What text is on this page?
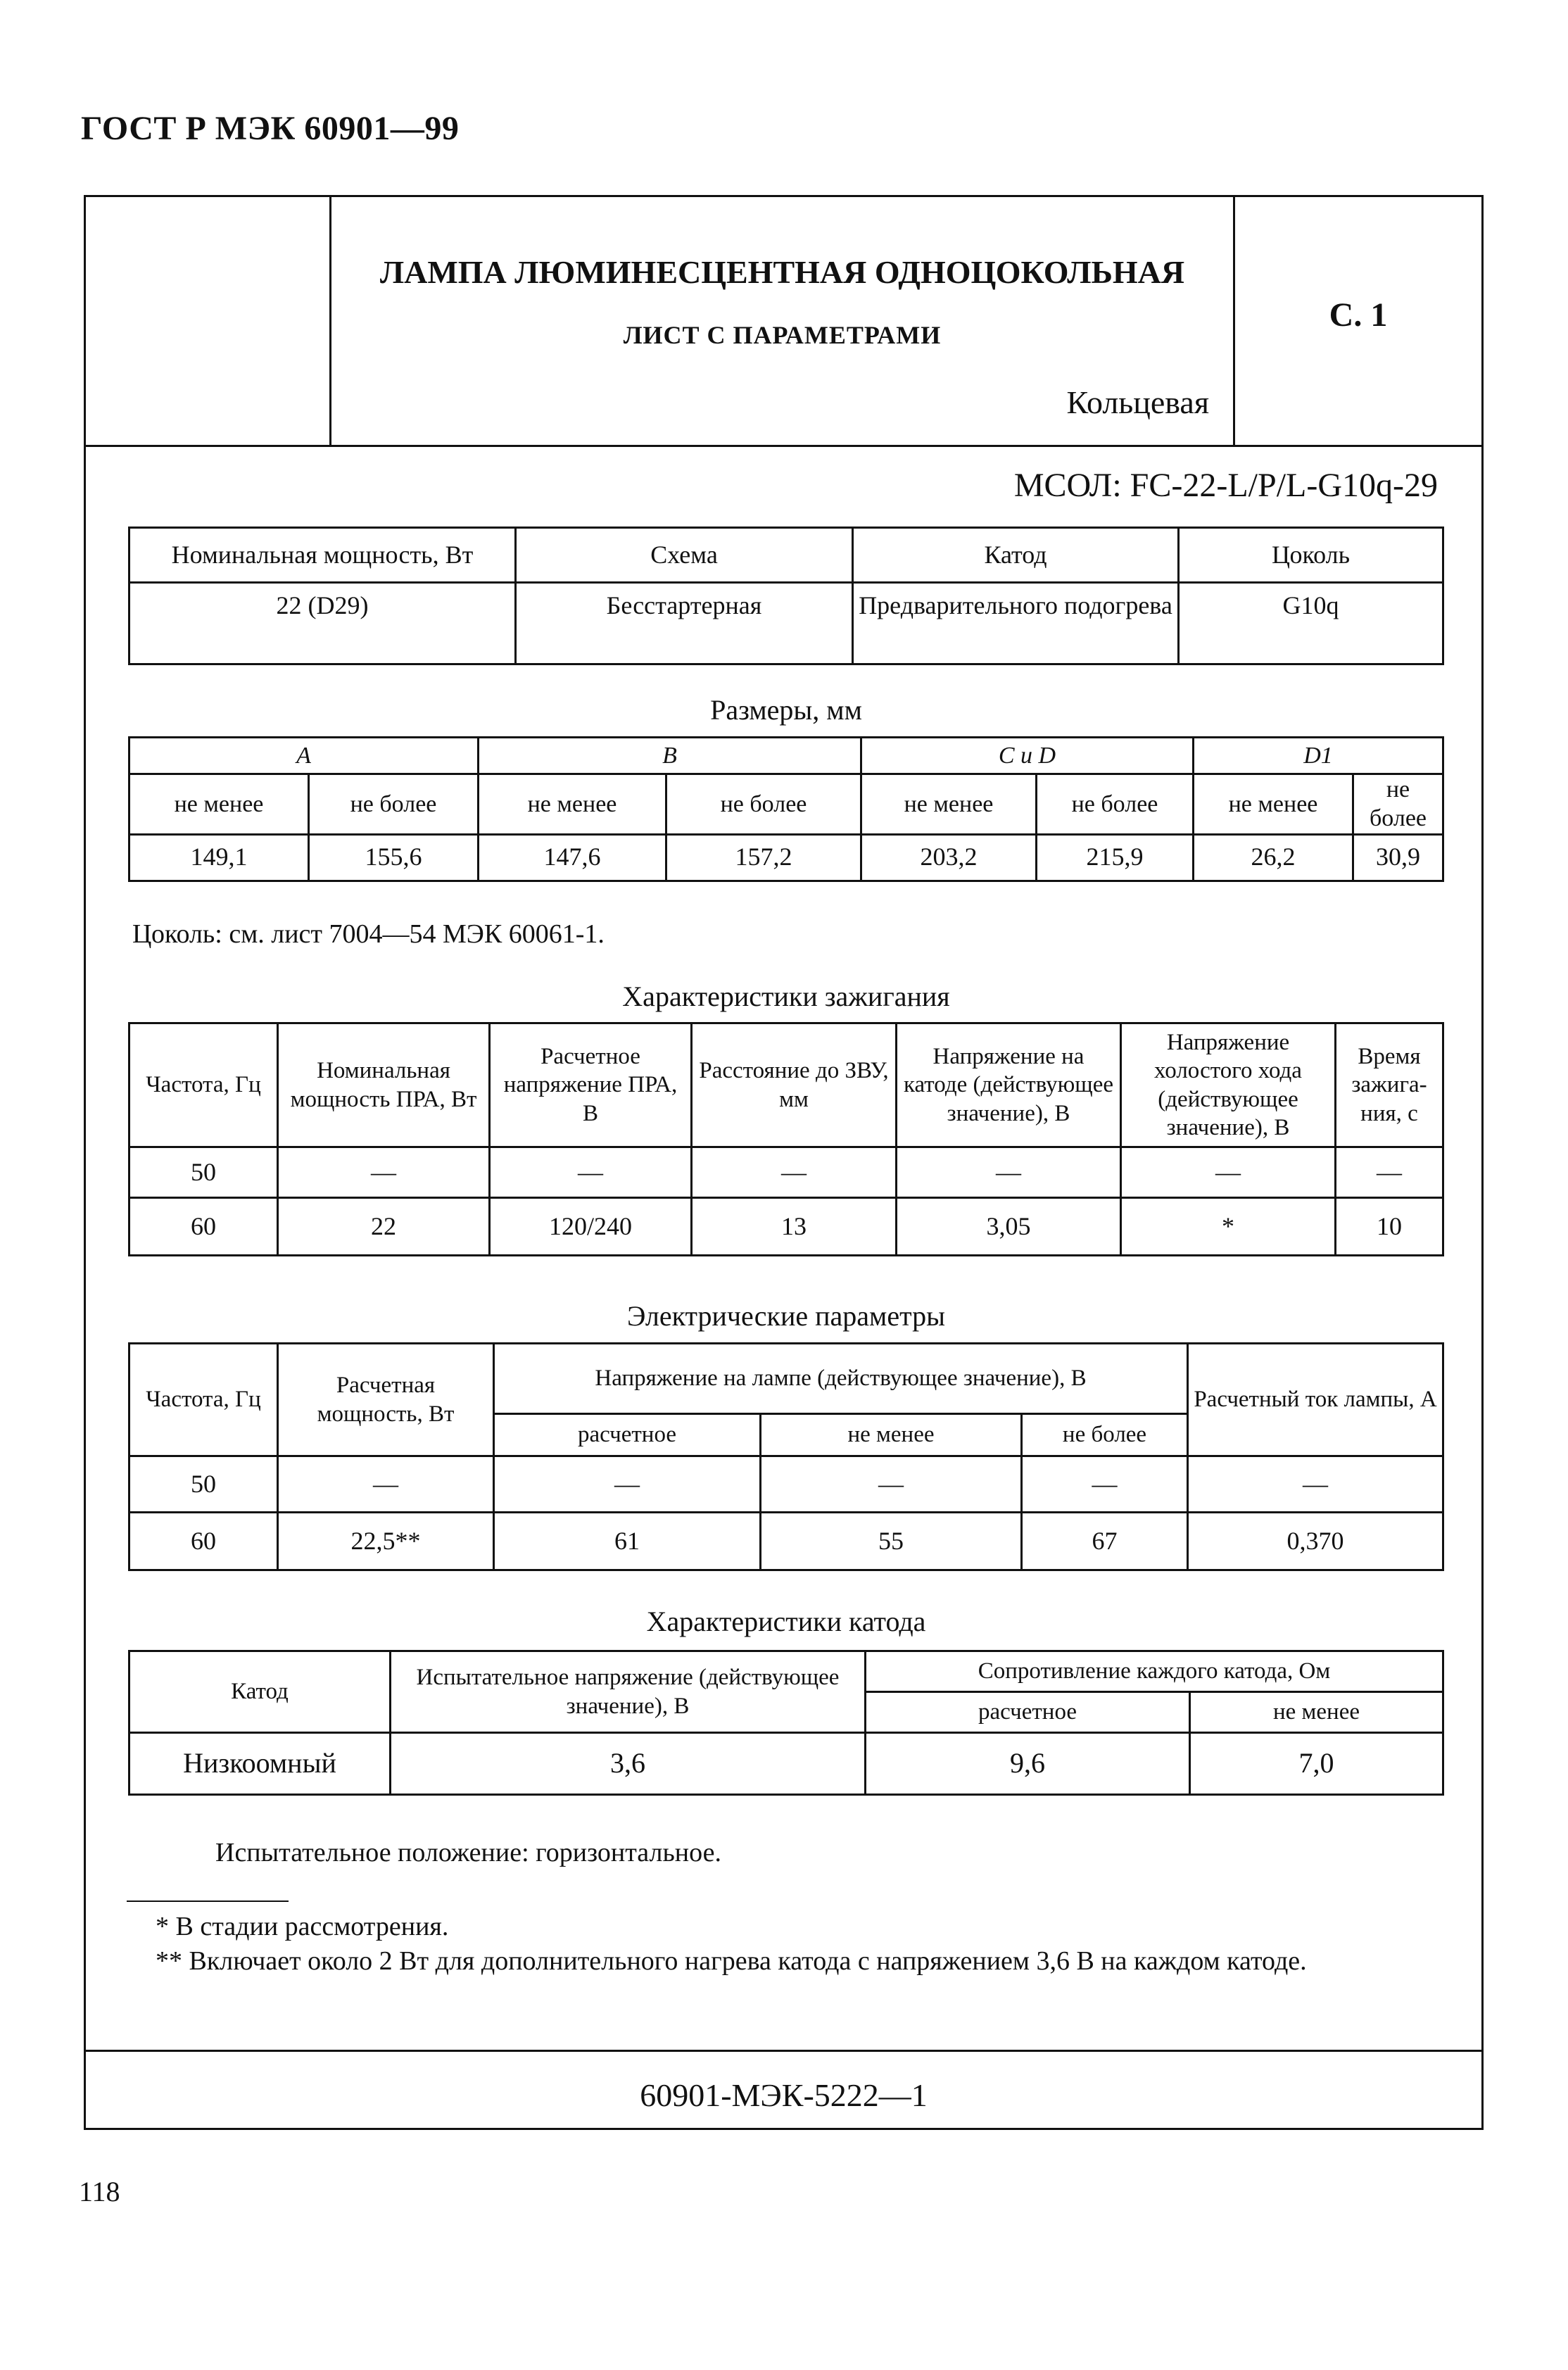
ГОСТ Р МЭК 60901—99
ЛАМПА ЛЮМИНЕСЦЕНТНАЯ ОДНОЦОКОЛЬНАЯ
ЛИСТ С ПАРАМЕТРАМИ
Кольцевая
С. 1
МСОЛ: FC-22-L/P/L-G10q-29
Номинальная мощность, Вт	Схема	Катод	Цоколь
22 (D29)	Бесстартерная	Предварительного подогрева	G10q
Размеры, мм
A		B		C и D		D1	
не менее	не более	не менее	не более	не менее	не более	не менее	не более
149,1	155,6	147,6	157,2	203,2	215,9	26,2	30,9
Цоколь: см. лист 7004—54 МЭК 60061-1.
Характеристики зажигания
Частота, Гц	Номинальная мощность ПРА, Вт	Расчетное напряжение ПРА, В	Расстояние до ЗВУ, мм	Напряжение на катоде (действующее значение), В	Напряжение холостого хода (действующее значение), В	Время зажига-ния, с
50	—	—	—	—	—	—
60	22	120/240	13	3,05	*	10
Электрические параметры
Частота, Гц	Расчетная мощность, Вт	Напряжение на лампе (действующее значение), В			Расчетный ток лампы, А
		расчетное	не менее	не более	
50	—	—	—	—	—
60	22,5**	61	55	67	0,370
Характеристики катода
Катод	Испытательное напряжение (действующее значение), В	Сопротивление каждого катода, Ом	
		расчетное	не менее
Низкоомный	3,6	9,6	7,0
Испытательное положение: горизонтальное.
* В стадии рассмотрения.
** Включает около 2 Вт для дополнительного нагрева катода с напряжением 3,6 В на каждом катоде.
60901-МЭК-5222—1
118
